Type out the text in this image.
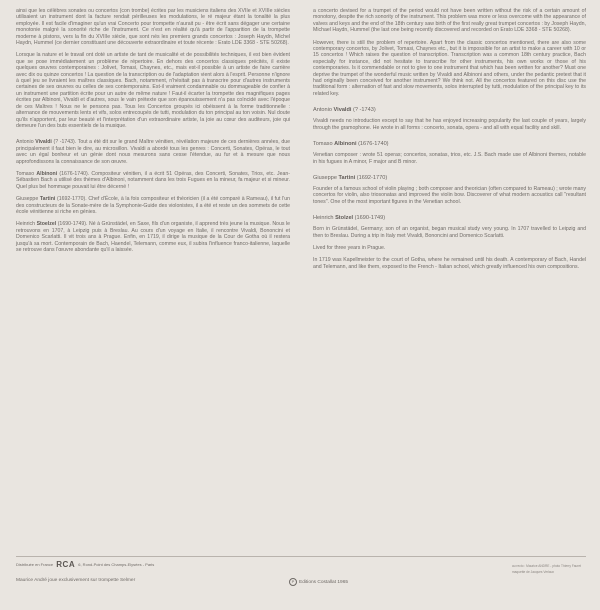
ainsi que les célèbres sonates ou concertos (con trombe) écrites par les musiciens italiens des XVIIe et XVIIIe siècles utilisaient un instrument dont la facture rendait périlleuses les modulations, le ré majeur étant la tonalité la plus employée. Il est facile d'imaginer qu'un vrai Concerto pour trompette n'aurait pu - être écrit sans dégager une certaine monotonie malgré la sonorité riche de l'instrument. Ce n'est en réalité qu'à partir de l'apparition de la trompette moderne à pistons, vers la fin du XVIIIe siècle, que sont nés les premiers grands concertos : Joseph Haydn, Michel Haydn, Hummel (ce dernier constituant une découverte extraordinaire et toute récente : Erato LDE 3368 - STE 50268).

Lorsque la nature et le travail ont doté un artiste de tant de musicalité et de possibilités techniques, il est bien évident que se pose immédiatement un problème de répertoire. En dehors des concertos classiques précités, il existe quelques œuvres contemporaines : Jolivet, Tomasi, Chaynes, etc., mais est-il possible à un artiste de faire carrière avec dix ou quinze concertos ! La question de la transcription ou de l'adaptation vient alors à l'esprit. Personne n'ignore à quel jeu se livraient les maîtres classiques. Bach, notamment, n'hésitait pas à transcrire pour d'autres instruments certaines de ses œuvres ou celles de ses contemporains. Est-il vraiment condamnable ou dommageable de confier à un instrument une partition écrite pour un autre de même nature ! Faut-il écarter la trompette des magnifiques pages écrites par Albinoni, Vivaldi et d'autres, sous le vain prétexte que son épanouissement n'a pas coïncidé avec l'époque de ces Maîtres ! Nous ne le pensons pas. Tous les Concertos groupés ici obéissent à la forme traditionnelle : alternance de mouvements lents et vifs, solos entrecoupés de tutti, modulation du ton principal au ton voisin. Nul doute qu'ils n'apportent, par leur beauté et l'interprétation d'un extraordinaire artiste, la joie au cœur des auditeurs, joie qui demeure l'un des buts essentiels de la musique.

Antonio Vivaldi (? -1743). Tout a été dit sur le grand Maître vénitien, révélation majeure de ces dernières années, due principalement il faut bien le dire, au microsillon. Vivaldi a abordé tous les genres : Concerti, Sonates, Opéras, le tout avec un égal bonheur et un génie dont nous mesurons sans cesse l'étendue, au fur et à mesure que nous approfondissons la connaissance de son œuvre.

Tomaso Albinoni (1676-1740). Compositeur vénitien, il a écrit 51 Opéras, des Concerti, Sonates, Trios, etc. Jean-Sébastien Bach a utilisé des thèmes d'Albinoni, notamment dans les trois Fugues en la mineur, fa majeur et si mineur. Quel plus bel hommage pouvait lui être décerné !

Giuseppe Tartini (1692-1770). Chef d'École, à la fois compositeur et théoricien (il a été comparé à Rameau), il fut l'un des constructeurs de la Sonate-mère de la Symphonie-Guide des violonistes, il a été et reste un des sommets de cette école vénitienne si riche en génies.

Heinrich Stoelzel (1690-1749). Né à Grünstädel, en Saxe, fils d'un organiste, il apprend très jeune la musique. Nous le retrouvons en 1707, à Leipzig puis à Breslau. Au cours d'un voyage en Italie, il rencontre Vivaldi, Bononcini et Domenico Scarlatti. Il vit trois ans à Prague. Enfin, en 1719, il dirige la musique de la Cour de Gotha où il restera jusqu'à sa mort. Contemporain de Bach, Haendel, Telemann, comme eux, il subira l'influence franco-italienne, laquelle se retrouve dans l'œuvre abondante qu'il a laissée.

a concerto devised for a trumpet of the period would not have been written without the risk of a certain amount of monotony, despite the rich sonority of the instrument. This problem was more or less overcome with the appearance of valves and keys and the end of the 18th century saw birth of the first really great trumpet concertos : by Joseph Haydn, Michael Haydn, Hummel (the last one being recently discovered and recorded on Erato LDE 3368 - STE 50268).

However, there is still the problem of repertoire. Apart from the classic concertos mentioned, there are also some contemporary concertos, by Jolivet, Tomasi, Chaynes etc., but it is impossible for an artist to make a career with 10 or 15 concertos ! Which raises the question of transcription. Transcription was a common 18th century practice, Bach especially for instance, did not hesitate to transcribe for other instruments, his own works or those of his contemporaries. Is it commendable or not to give to one instrument that which has been written for another? Must one deprive the trumpet of the wonderful music written by Vivaldi and Albinoni and others, under the pedantic pretext that it had originally been conceived for another instrument? We think not. All the concertos featured on this disc use the traditional form : alternation of fast and slow movements, solos interrupted by tutti, modulation of the principal key to its related key.

Antonio Vivaldi (? -1743)

Vivaldi needs no introduction except to say that he has enjoyed increasing popularity the last couple of years, largely through the gramophone. He wrote in all forms : concerto, sonata, opera - and all with equal facility and skill.

Tomaso Albinoni (1676-1740)

Venetian composer : wrote 51 operas; concertos, sonatas, trios, etc. J.S. Bach made use of Albinoni themes, notable in his fugues in A minor, F major and B minor.

Giuseppe Tartini (1692-1770)

Founder of a famous school of violin playing ; both composer and theorician (often compared to Rameau) ; wrote many concertos for violin, also triosonatas and improved the violin bow. Discoverer of what modern acoustics call "resultant tones". One of the most important figures in the Venetian school.

Heinrich Stolzel (1690-1749)

Born in Grünstädel, Germany; son of an organist, began musical study very young. In 1707 travelled to Leipzig and then to Breslau. During a trip in Italy met Vivaldi, Bononcini and Domenico Scarlatti.

Lived for three years in Prague.

In 1719 was Kapellmeister to the court of Gotha, where he remained until his death. A contemporary of Bach, Handel and Telemann, and like them, exposed to the French - Italian school, which greatly influenced his own compositions.

Distribuée en France RCA 6, Rond-Point des Champs-Elysées - Paris
Maurice André joue exclusivement sur trompette Selmer	P Editions Costallat 1965
au recto : Maurice ANDRE - photo Thierry Fauret
maquette de Jacques Verlaux
